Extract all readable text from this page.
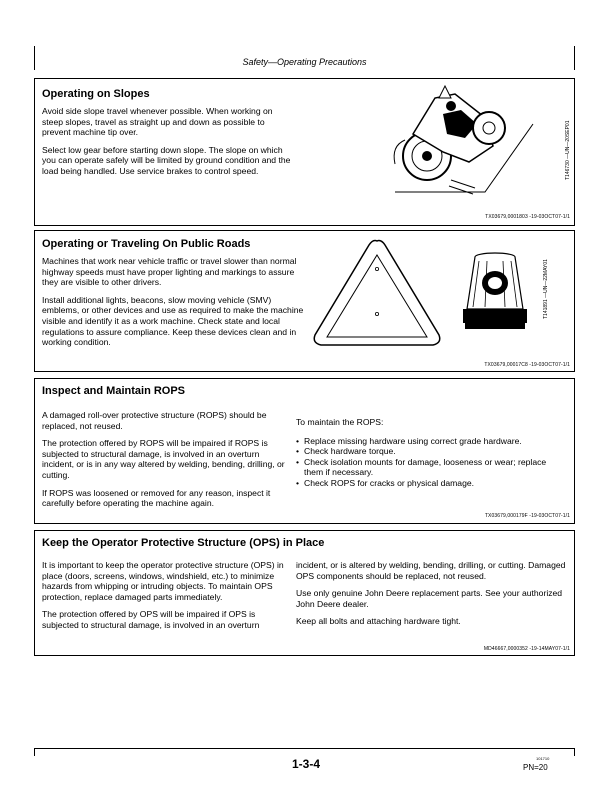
Safety—Operating Precautions
Operating on Slopes

Avoid side slope travel whenever possible. When working on steep slopes, travel as straight up and down as possible to prevent machine tip over.

Select low gear before starting down slope. The slope on which you can operate safely will be limited by ground condition and the load being handled. Use service brakes to control speed.	T146730 —UN—20SEP01
TX03679,0001803 -19-03OCT07-1/1
Operating or Traveling On Public Roads

Machines that work near vehicle traffic or travel slower than normal highway speeds must have proper lighting and markings to assure they are visible to other drivers.

Install additional lights, beacons, slow moving vehicle (SMV) emblems, or other devices and use as required to make the machine visible and identify it as a work machine. Check state and local regulations to assure compliance. Keep these devices clean and in working condition.

T141891 —UN—22MAY01
TX03679,00017C8 -19-03OCT07-1/1
Inspect and Maintain ROPS

A damaged roll-over protective structure (ROPS) should be replaced, not reused.

The protection offered by ROPS will be impaired if ROPS is subjected to structural damage, is involved in an overturn incident, or is in any way altered by welding, bending, drilling, or cutting.

If ROPS was loosened or removed for any reason, inspect it carefully before operating the machine again.

To maintain the ROPS:

• Replace missing hardware using correct grade hardware.
• Check hardware torque.
• Check isolation mounts for damage, looseness or wear; replace them if necessary.
• Check ROPS for cracks or physical damage.
TX03679,000179F -19-03OCT07-1/1
Keep the Operator Protective Structure (OPS) in Place

It is important to keep the operator protective structure (OPS) in place (doors, screens, windows, windshield, etc.) to minimize hazards from whipping or intruding objects. To maintain OPS protection, replace damaged parts immediately.

The protection offered by OPS will be impaired if OPS is subjected to structural damage, is involved in an overturn

incident, or is altered by welding, bending, drilling, or cutting. Damaged OPS components should be replaced, not reused.

Use only genuine John Deere replacement parts. See your authorized John Deere dealer.

Keep all bolts and attaching hardware tight.

MD46667,0000352 -19-14MAY07-1/1
1-3-4	101710
PN=20
